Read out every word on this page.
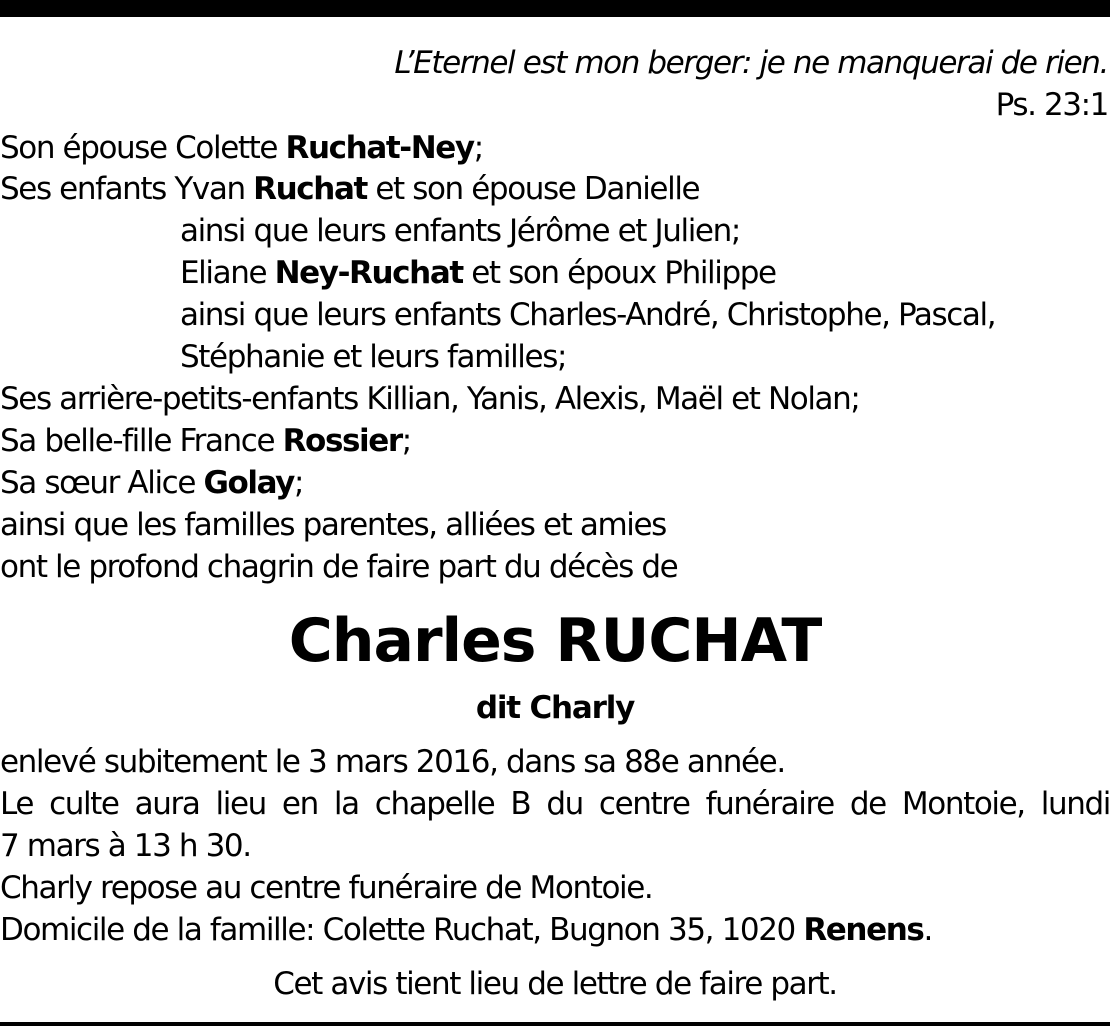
L’Eternel est mon berger: je ne manquerai de rien.
Ps. 23:1
Son épouse Colette Ruchat-Ney;
Ses enfants Yvan Ruchat et son épouse Danielle
ainsi que leurs enfants Jérôme et Julien;
Eliane Ney-Ruchat et son époux Philippe
ainsi que leurs enfants Charles-André, Christophe, Pascal,
Stéphanie et leurs familles;
Ses arrière-petits-enfants Killian, Yanis, Alexis, Maël et Nolan;
Sa belle-fille France Rossier;
Sa sœur Alice Golay;
ainsi que les familles parentes, alliées et amies
ont le profond chagrin de faire part du décès de
Charles RUCHAT
dit Charly
enlevé subitement le 3 mars 2016, dans sa 88e année.
Le culte aura lieu en la chapelle B du centre funéraire de Montoie, lundi
7 mars à 13 h 30.
Charly repose au centre funéraire de Montoie.
Domicile de la famille: Colette Ruchat, Bugnon 35, 1020 Renens.
Cet avis tient lieu de lettre de faire part.
